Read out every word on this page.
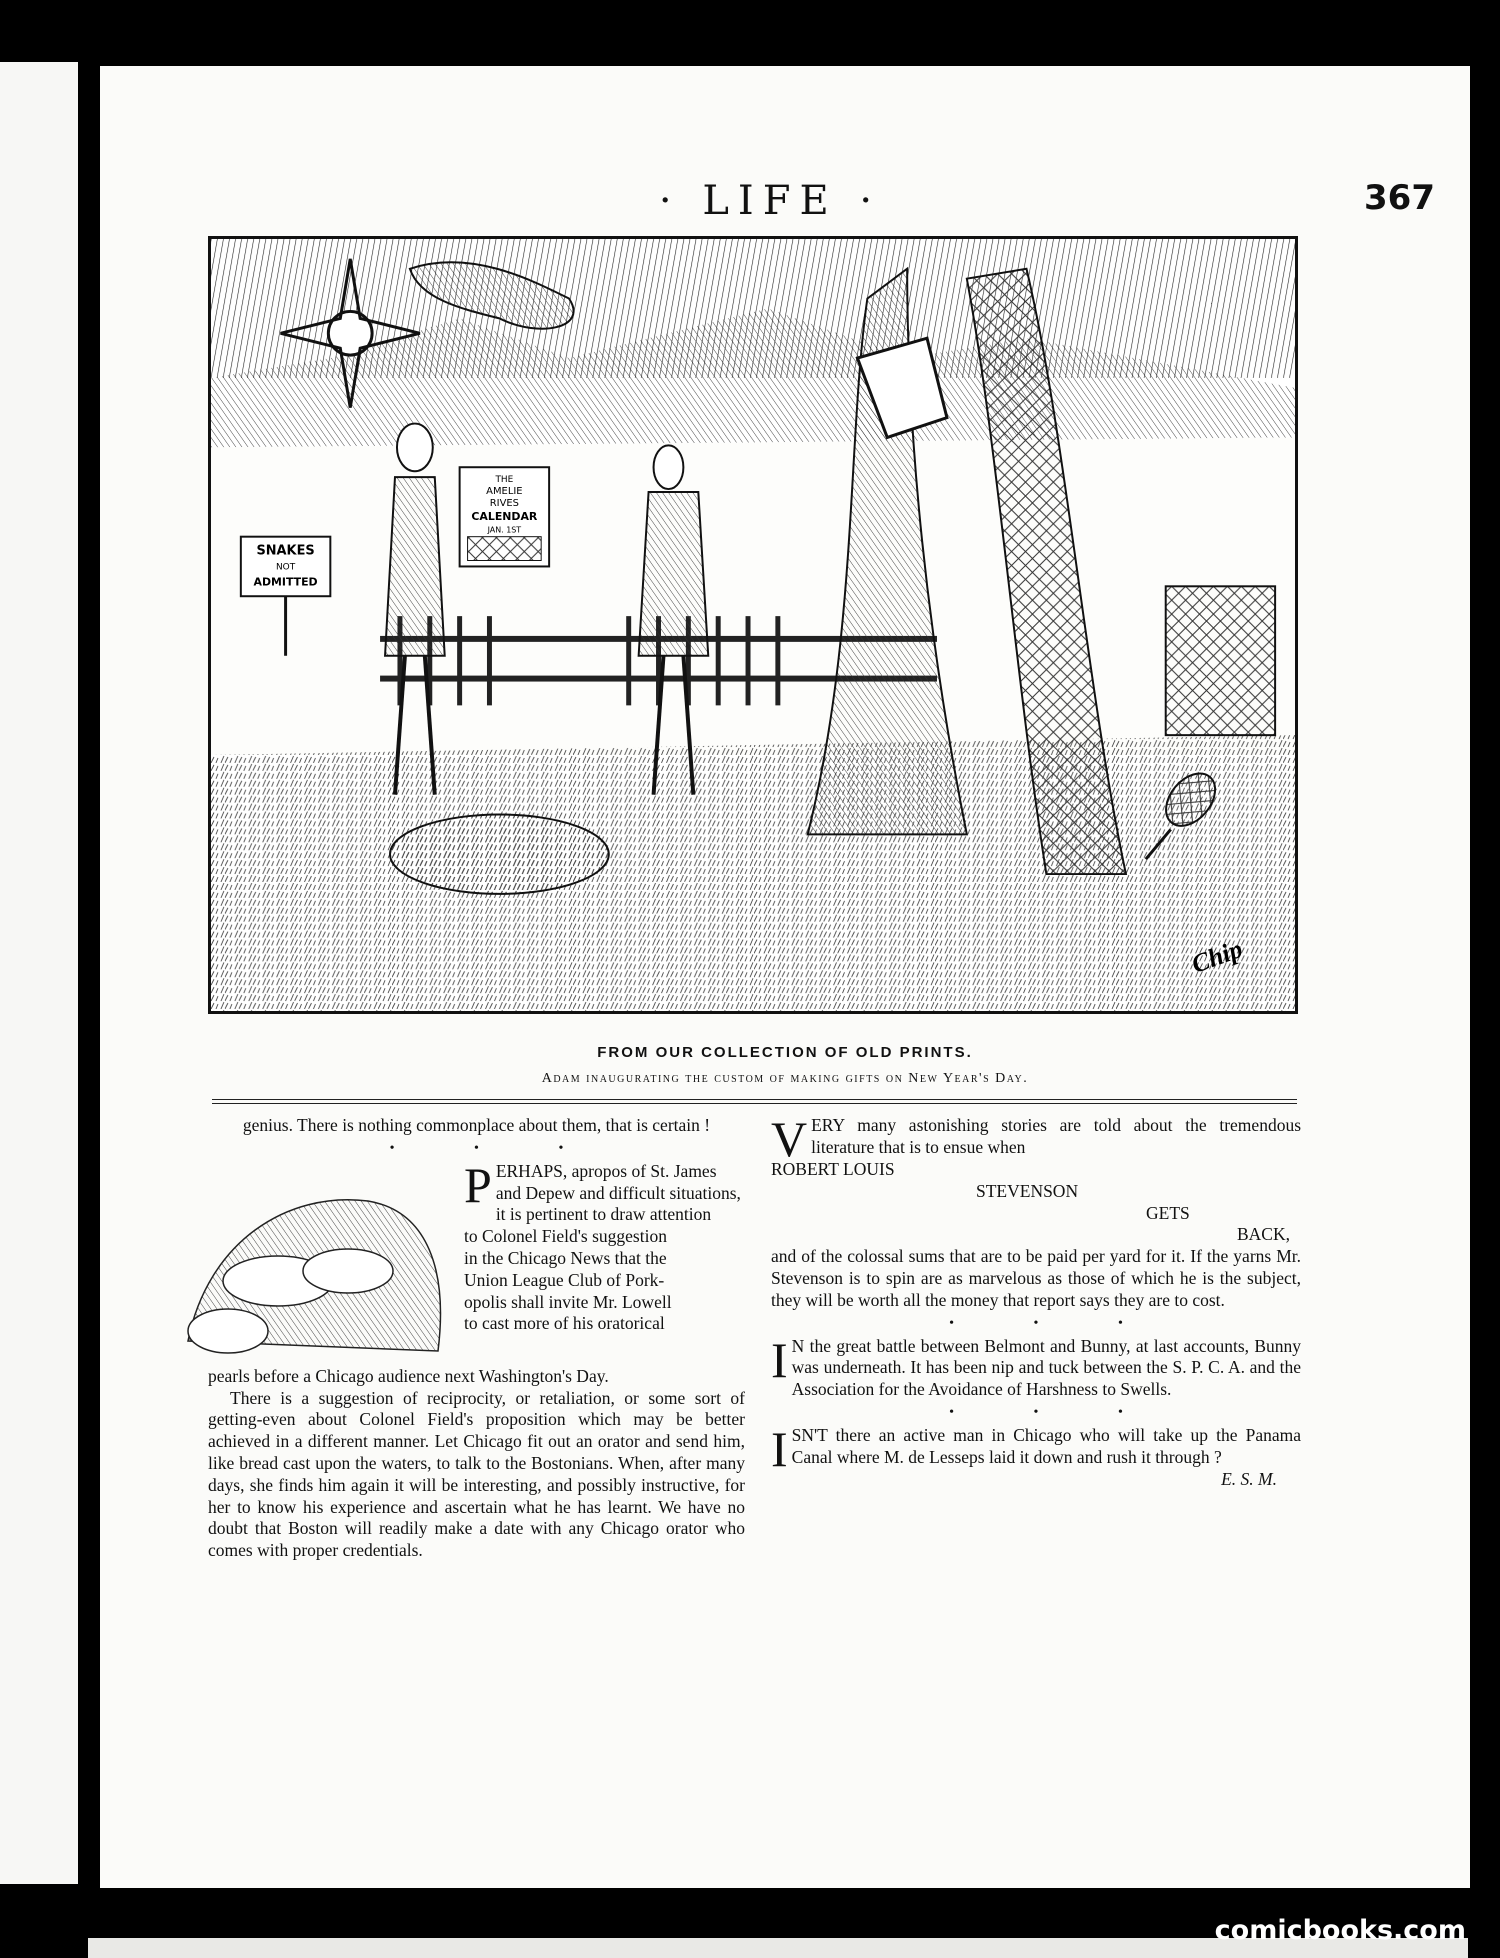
· LIFE ·	367
SNAKES
NOT
ADMITTED
THE
AMELIE
RIVES
CALENDAR
JAN. 1ST
Chip
FROM OUR COLLECTION OF OLD PRINTS.
Adam inaugurating the custom of making gifts on New Year's Day.

genius. There is nothing commonplace about them, that is certain !

• • •
P ERHAPS, apropos of St. James
and Depew and difficult situations,
it is pertinent to draw attention
to Colonel Field's suggestion
in the Chicago News that the
Union League Club of Pork-
opolis shall invite Mr. Lowell
to cast more of his oratorical

pearls before a Chicago audience next Washington's Day.

There is a suggestion of reciprocity, or retaliation, or some sort of getting-even about Colonel Field's proposition which may be better achieved in a different manner. Let Chicago fit out an orator and send him, like bread cast upon the waters, to talk to the Bostonians. When, after many days, she finds him again it will be interesting, and possibly instructive, for her to know his experience and ascertain what he has learnt. We have no doubt that Boston will readily make a date with any Chicago orator who comes with proper credentials.

VERY many astonishing stories are told about the tremendous literature that is to ensue when

ROBERT LOUIS
STEVENSON
GETS
BACK,

and of the colossal sums that are to be paid per yard for it. If the yarns Mr. Stevenson is to spin are as marvelous as those of which he is the subject, they will be worth all the money that report says they are to cost.

• • •

I N the great battle between Belmont and Bunny, at last accounts, Bunny was underneath. It has been nip and tuck between the S. P. C. A. and the Association for the Avoidance of Harshness to Swells.

• • •

ISN'T there an active man in Chicago who will take up the Panama Canal where M. de Lesseps laid it down and rush it through ?

E. S. M.

comicbooks.com
